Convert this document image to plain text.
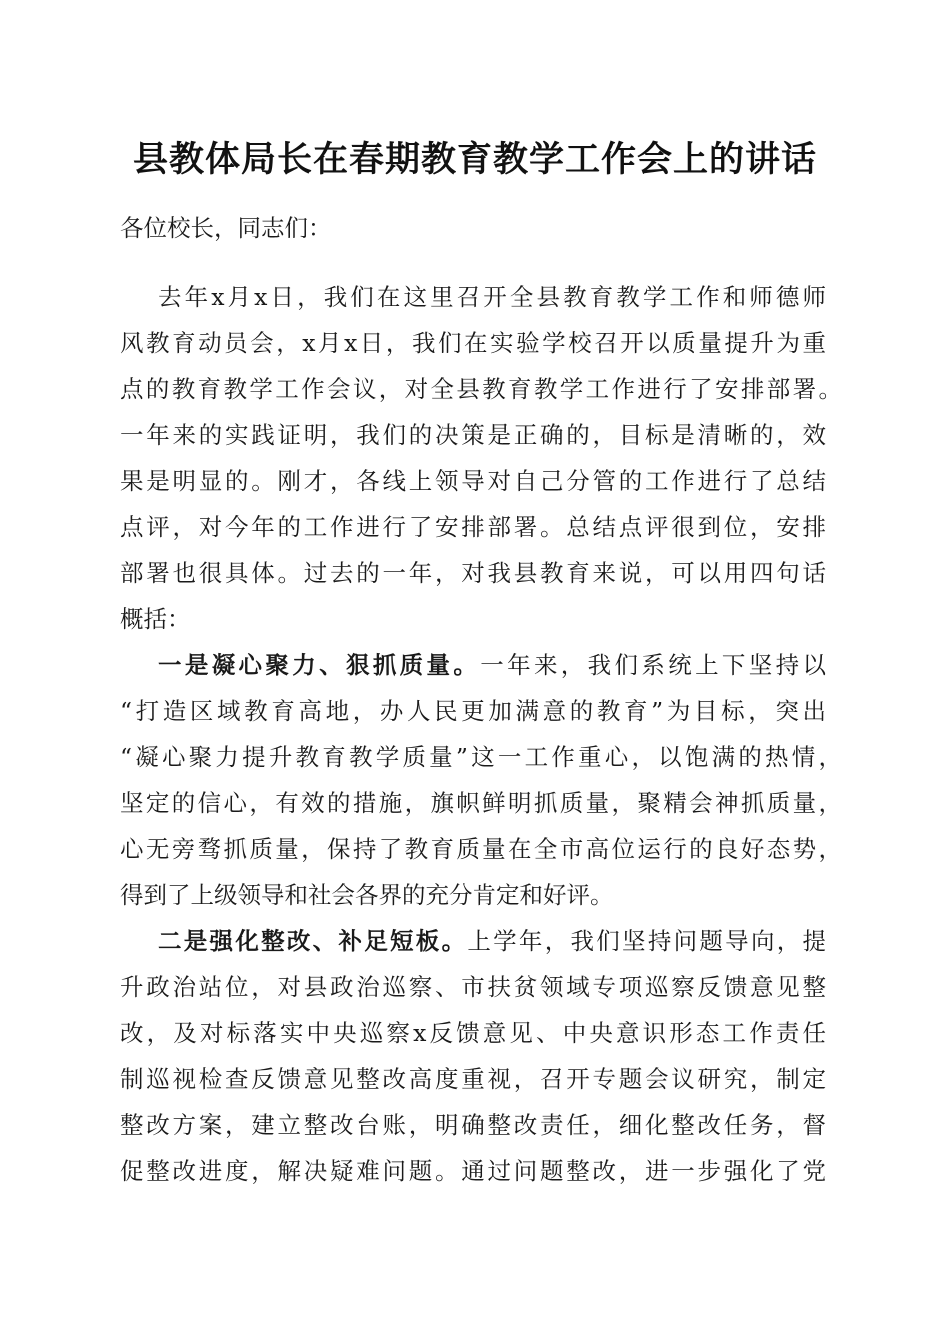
县教体局长在春期教育教学工作会上的讲话
各位校长，同志们：
去年x月x日，我们在这里召开全县教育教学工作和师德师
风教育动员会，x月x日，我们在实验学校召开以质量提升为重
点的教育教学工作会议，对全县教育教学工作进行了安排部署。
一年来的实践证明，我们的决策是正确的，目标是清晰的，效
果是明显的。刚才，各线上领导对自己分管的工作进行了总结
点评，对今年的工作进行了安排部署。总结点评很到位，安排
部署也很具体。过去的一年，对我县教育来说，可以用四句话
概括：
一是凝心聚力、狠抓质量。一年来，我们系统上下坚持以
“打造区域教育高地，办人民更加满意的教育”为目标，突出
“凝心聚力提升教育教学质量”这一工作重心，以饱满的热情，
坚定的信心，有效的措施，旗帜鲜明抓质量，聚精会神抓质量，
心无旁骛抓质量，保持了教育质量在全市高位运行的良好态势，
得到了上级领导和社会各界的充分肯定和好评。
二是强化整改、补足短板。上学年，我们坚持问题导向，提
升政治站位，对县政治巡察、市扶贫领域专项巡察反馈意见整
改，及对标落实中央巡察x反馈意见、中央意识形态工作责任
制巡视检查反馈意见整改高度重视，召开专题会议研究，制定
整改方案，建立整改台账，明确整改责任，细化整改任务，督
促整改进度，解决疑难问题。通过问题整改，进一步强化了党
